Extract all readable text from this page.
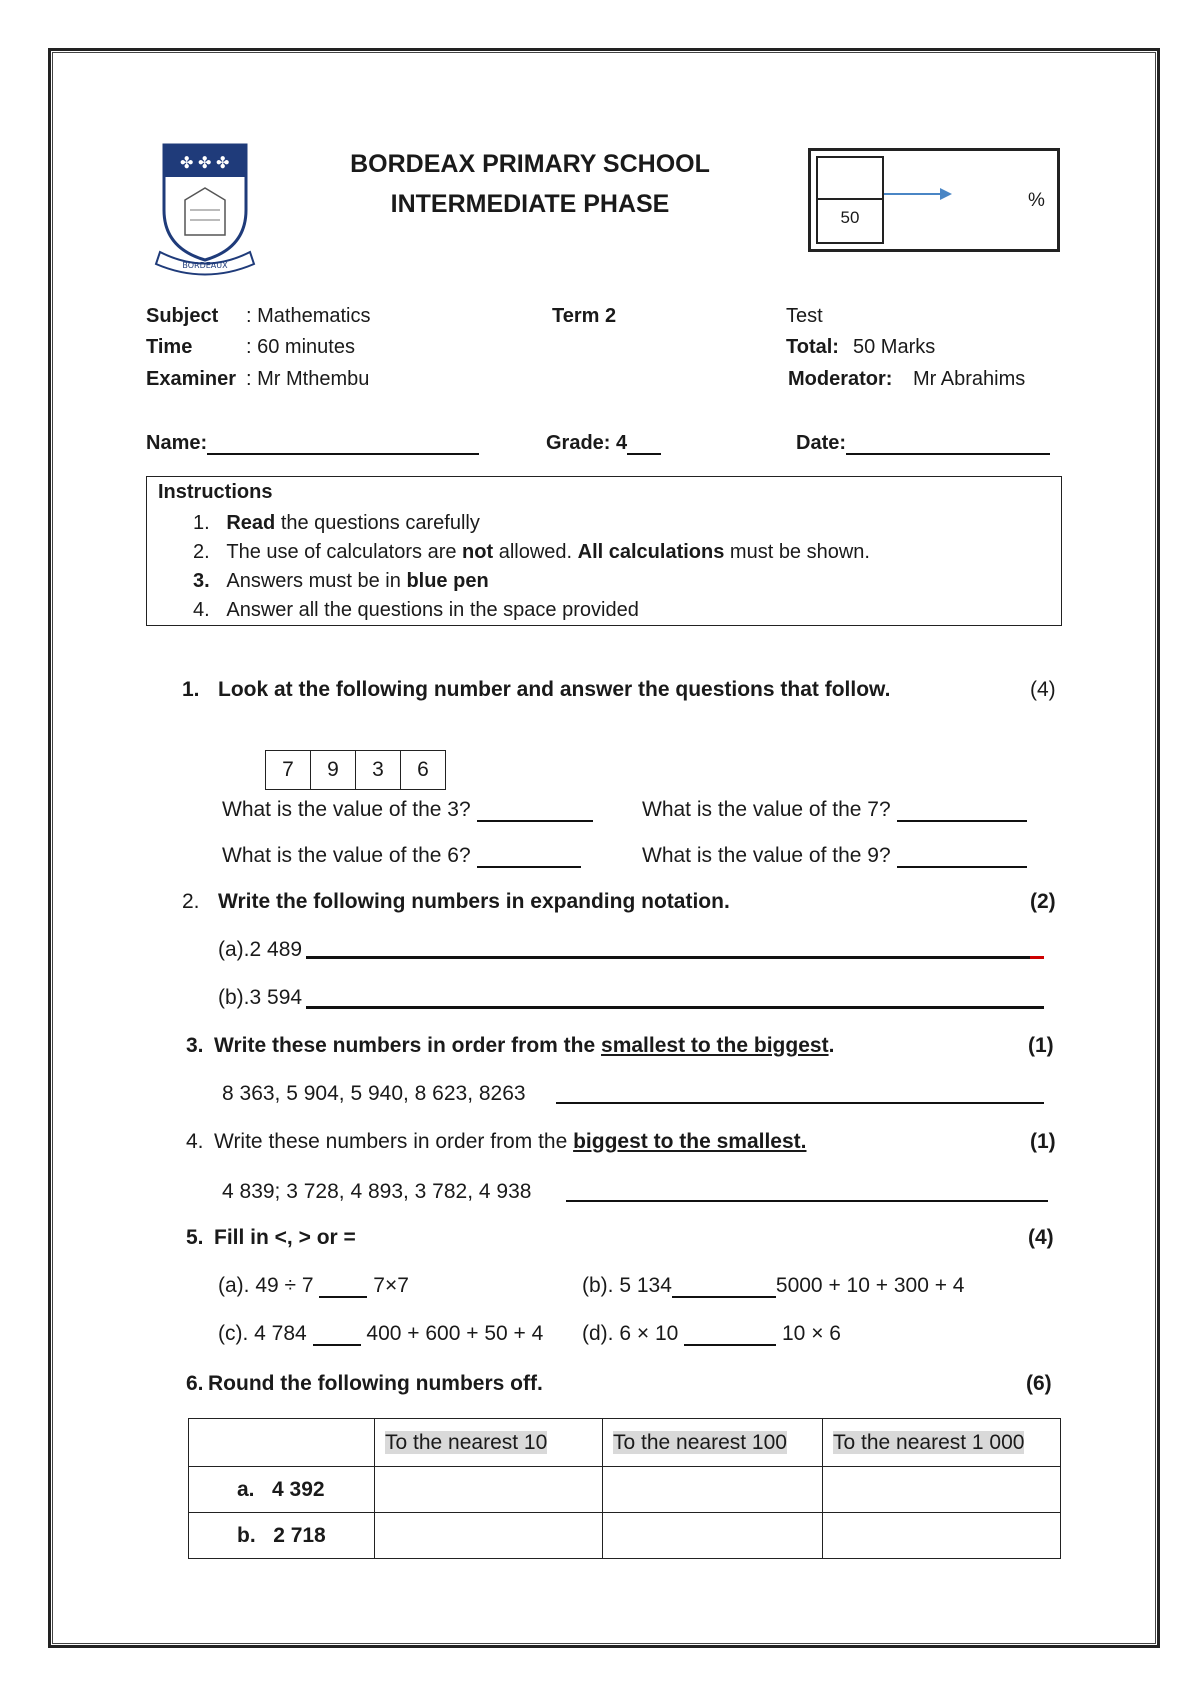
✤ ✤ ✤
BORDEAUX
BORDEAX PRIMARY SCHOOL
INTERMEDIATE PHASE	50
%
Subject : Mathematics	Term 2	Test
Time	: 60 minutes	Total: 50 Marks
Examiner : Mr Mthembu	Moderator: Mr Abrahims
Name:	Grade: 4	Date:
Instructions
1.   Read the questions carefully
2.   The use of calculators are not allowed. All calculations must be shown.
3. Answers must be in blue pen
4.   Answer all the questions in the space provided
1. Look at the following number and answer the questions that follow.	(4)
7	9	3	6
What is the value of the 3?	What is the value of the 7?
What is the value of the 6?	What is the value of the 9?
2. Write the following numbers in expanding notation.	(2)
(a).2 489
(b).3 594
3. Write these numbers in order from the smallest to the biggest.	(1)
8 363, 5 904, 5 940, 8 623, 8263
4. Write these numbers in order from the biggest to the smallest.	(1)
4 839; 3 728, 4 893, 3 782, 4 938
5. Fill in <, > or =	(4)
(a). 49 ÷ 7	7×7	(b). 5 134	5000 + 10 + 300 + 4
(c). 4 784	400 + 600 + 50 + 4 (d). 6 × 10	10 × 6
6. Round the following numbers off.	(6)
	To the nearest 10	To the nearest 100	To the nearest 1 000
a. 4 392			
b. 2 718			
